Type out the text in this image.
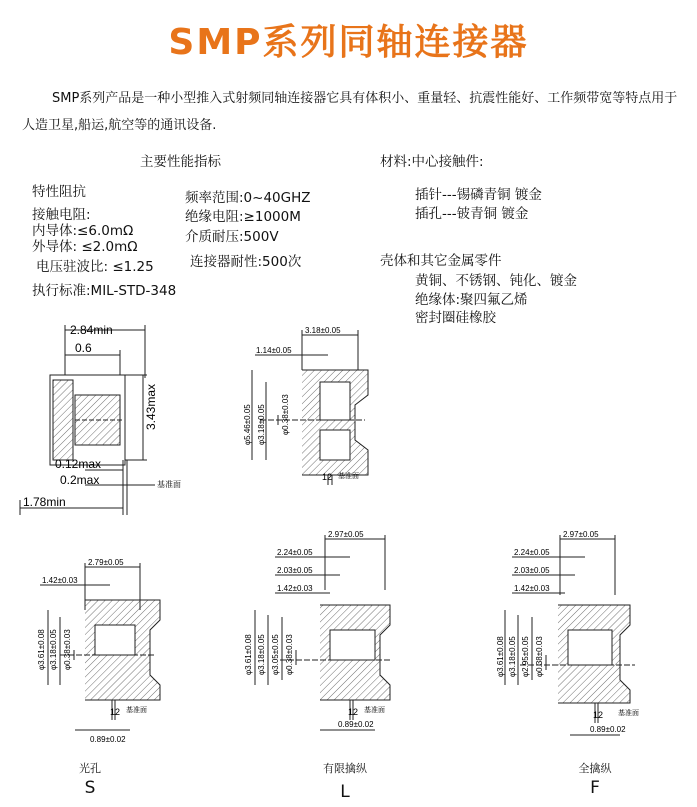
SMP系列同轴连接器
SMP系列产品是一种小型推入式射频同轴连接器它具有体积小、重量轻、抗震性能好、工作频带宽等特点用于人造卫星,船运,航空等的通讯设备.
主要性能指标
特性阻抗
接触电阻:
内导体:≤6.0mΩ
外导体: ≤2.0mΩ
电压驻波比: ≤1.25
频率范围:0~40GHZ
绝缘电阻:≥1000M
介质耐压:500V
连接器耐性:500次
执行标准:MIL-STD-348
材料:中心接触件:
插针---锡磷青铜 镀金
插孔---铍青铜 镀金
壳体和其它金属零件
黄铜、不锈钢、钝化、镀金
绝缘体:聚四氟乙烯
密封圈硅橡胶
2.84min
0.6
3.43max
0.12max
0.2max	基准面
1.78min
3.18±0.05
1.14±0.05
φ5.46±0.05 φ3.18±0.05 φ0.38±0.03
12 基准面
2.79±0.05
1.42±0.03
φ3.61±0.08 φ3.18±0.05 φ0.38±0.03
12 基准面
0.89±0.02
2.97±0.05
2.24±0.05
2.03±0.05
1.42±0.03
φ3.61±0.08 φ3.18±0.05 φ3.05±0.05 φ0.38±0.03
12 基准面
0.89±0.02
2.97±0.05
2.24±0.05
2.03±0.05
1.42±0.03
φ3.61±0.08 φ3.18±0.05 φ2.95±0.05 φ0.38±0.03
12 基准面
0.89±0.02
光孔
S
有限擒纵
L
全擒纵
F
